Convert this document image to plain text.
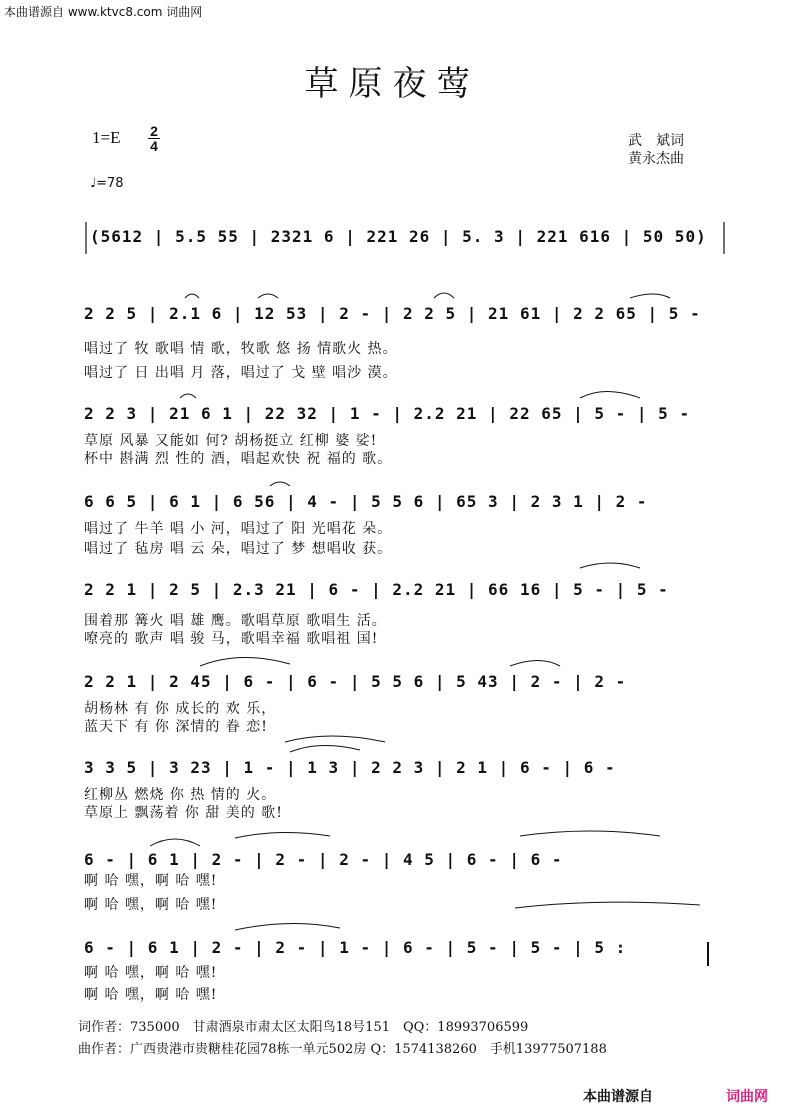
本曲谱源自 www.ktvc8.com 词曲网
草原夜莺
1=E 2
4
♩=78
武　斌词
黄永杰曲
(5612 | 5.5 55 | 2321 6 | 221 26 | 5. 3 | 221 616 | 50 50)
2 2 5 | 2.1 6 | 12 53 | 2 - | 2 2 5 | 21 61 | 2 2 65 | 5 -
唱过了 牧 歌唱 情 歌，牧歌 悠 扬 情歌火 热。
唱过了 日 出唱 月 落，唱过了 戈 壁 唱沙 漠。
2 2 3 | 21 6 1 | 22 32 | 1 - | 2.2 21 | 22 65 | 5 - | 5 -
草原 风暴 又能如 何? 胡杨挺立 红柳 婆 娑!
杯中 斟满 烈 性的 酒，唱起欢快 祝 福的 歌。
6 6 5 | 6 1 | 6 56 | 4 - | 5 5 6 | 65 3 | 2 3 1 | 2 -
唱过了 牛羊 唱 小 河，唱过了 阳 光唱花 朵。
唱过了 毡房 唱 云 朵，唱过了 梦 想唱收 获。
2 2 1 | 2 5 | 2.3 21 | 6 - | 2.2 21 | 66 16 | 5 - | 5 -
围着那 篝火 唱 雄 鹰。歌唱草原 歌唱生 活。
嘹亮的 歌声 唱 骏 马，歌唱幸福 歌唱祖 国!
2 2 1 | 2 45 | 6 - | 6 - | 5 5 6 | 5 43 | 2 - | 2 -
胡杨林 有 你 成长的 欢 乐，
蓝天下 有 你 深情的 眷 恋!
3 3 5 | 3 23 | 1 - | 1 3 | 2 2 3 | 2 1 | 6 - | 6 -
红柳丛 燃烧 你 热 情的 火。
草原上 飘荡着 你 甜 美的 歌!
6 - | 6 1 | 2 - | 2 - | 2 - | 4 5 | 6 - | 6 -
啊 哈 嘿，啊 哈 嘿!
啊 哈 嘿，啊 哈 嘿!
6 - | 6 1 | 2 - | 2 - | 1 - | 6 - | 5 - | 5 - | 5 :
啊 哈 嘿，啊 哈 嘿!
啊 哈 嘿，啊 哈 嘿!
词作者：735000　甘肃酒泉市肃太区太阳鸟18号151　QQ：18993706599
曲作者：广西贵港市贵糖桂花园78栋一单元502房 Q：1574138260　手机13977507188
本曲谱源自	词曲网
